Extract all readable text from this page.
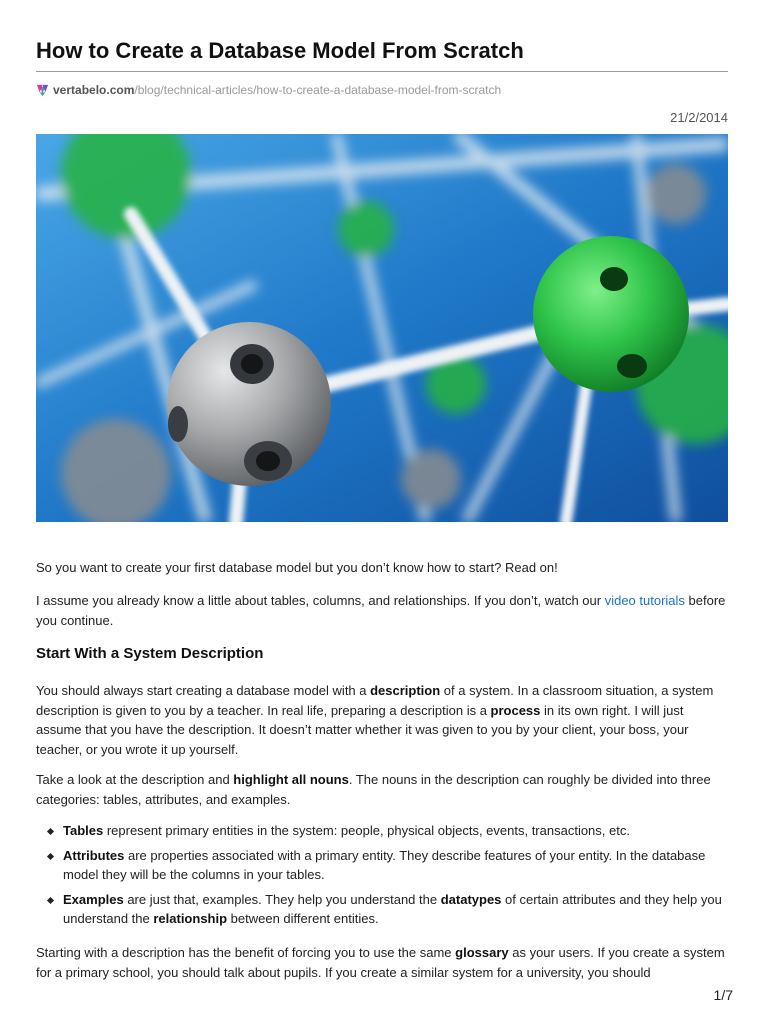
How to Create a Database Model From Scratch
vertabelo.com /blog/technical-articles/how-to-create-a-database-model-from-scratch
21/2/2014

So you want to create your first database model but you don’t know how to start? Read on!

I assume you already know a little about tables, columns, and relationships. If you don’t, watch our video tutorials before you continue.

Start With a System Description

You should always start creating a database model with a description of a system. In a classroom situation, a system description is given to you by a teacher. In real life, preparing a description is a process in its own right. I will just assume that you have the description. It doesn’t matter whether it was given to you by your client, your boss, your teacher, or you wrote it up yourself.

Take a look at the description and highlight all nouns. The nouns in the description can roughly be divided into three categories: tables, attributes, and examples.

Tables represent primary entities in the system: people, physical objects, events, transactions, etc.
Attributes are properties associated with a primary entity. They describe features of your entity. In the database model they will be the columns in your tables.
Examples are just that, examples. They help you understand the datatypes of certain attributes and they help you understand the relationship between different entities.

Starting with a description has the benefit of forcing you to use the same glossary as your users. If you create a system for a primary school, you should talk about pupils. If you create a similar system for a university, you should

1/7
